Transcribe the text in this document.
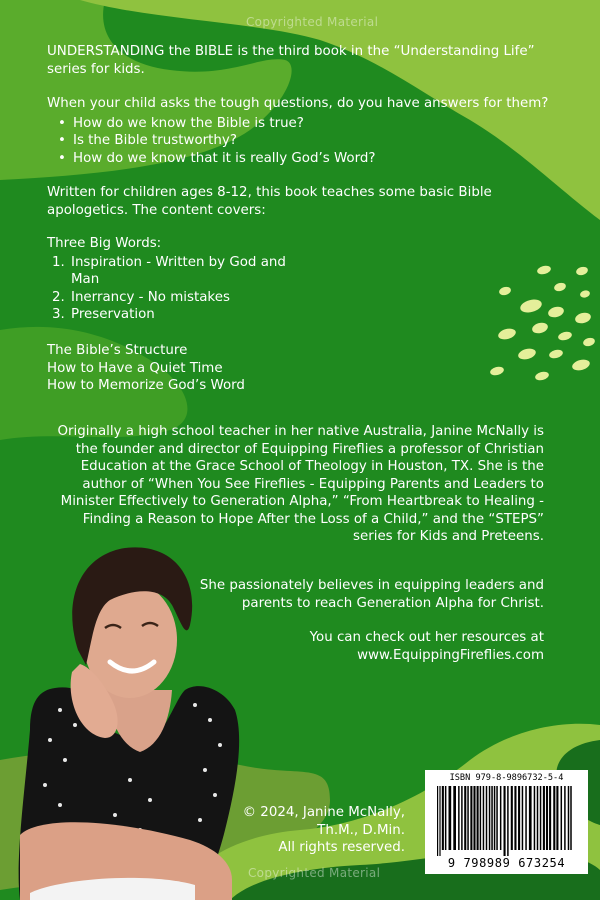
Copyrighted Material

UNDERSTANDING the BIBLE is the third book in the “Understanding Life”

series for kids.

When your child asks the tough questions, do you have answers for them?

• How do we know the Bible is true?
• Is the Bible trustworthy?
• How do we know that it is really God’s Word?

Written for children ages 8-12, this book teaches some basic Bible

apologetics. The content covers:

Three Big Words:

1. Inspiration - Written by God and
Man
2. Inerrancy - No mistakes
3. Preservation

The Bible’s Structure

How to Have a Quiet Time

How to Memorize God’s Word

Originally a high school teacher in her native Australia, Janine McNally is

the founder and director of Equipping Fireflies a professor of Christian

Education at the Grace School of Theology in Houston, TX. She is the

author of “When You See Fireflies - Equipping Parents and Leaders to

Minister Effectively to Generation Alpha,” “From Heartbreak to Healing -

Finding a Reason to Hope After the Loss of a Child,” and the “STEPS”

series for Kids and Preteens.

She passionately believes in equipping leaders and

parents to reach Generation Alpha for Christ.

You can check out her resources at

www.EquippingFireflies.com

© 2024, Janine McNally,

Th.M., D.Min.

All rights reserved.

ISBN 979-8-9896732-5-4
9 798989 673254
Copyrighted Material
